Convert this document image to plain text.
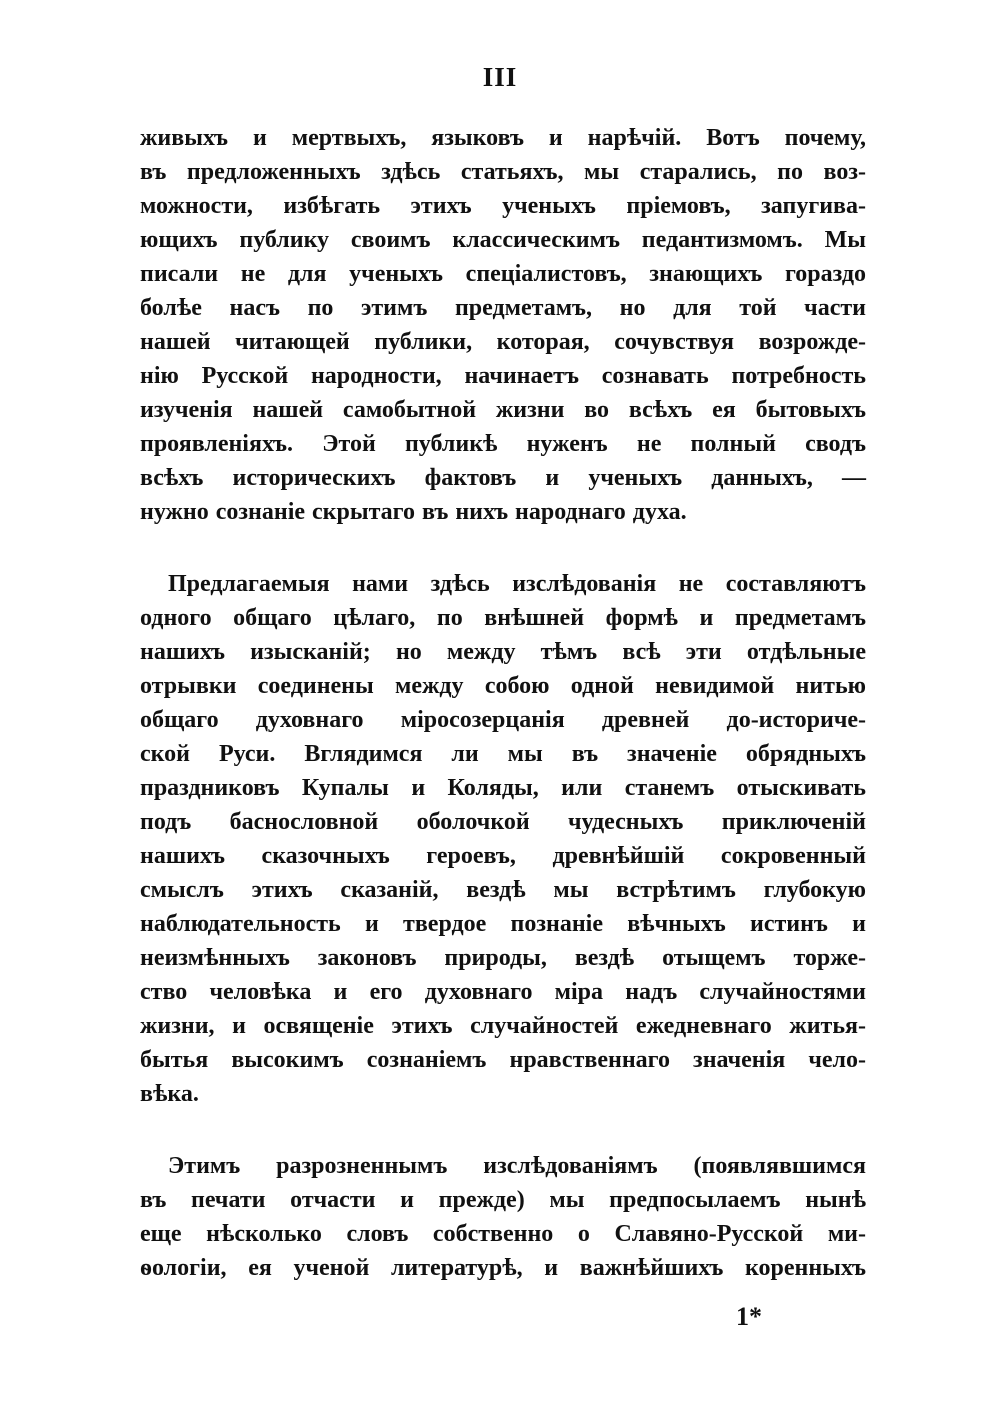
III
живыхъ и мертвыхъ, языковъ и нарѣчій. Вотъ почему,
въ предложенныхъ здѣсь статьяхъ, мы старались, по воз-
можности, избѣгать этихъ ученыхъ пріемовъ, запугива-
ющихъ публику своимъ классическимъ педантизмомъ. Мы
писали не для ученыхъ спеціалистовъ, знающихъ гораздо
болѣе насъ по этимъ предметамъ, но для той части
нашей читающей публики, которая, сочувствуя возрожде-
нію Русской народности, начинаетъ сознавать потребность
изученія нашей самобытной жизни во всѣхъ ея бытовыхъ
проявленіяхъ. Этой публикѣ нуженъ не полный сводъ
всѣхъ историческихъ фактовъ и ученыхъ данныхъ, —
нужно сознаніе скрытаго въ нихъ народнаго духа.
Предлагаемыя нами здѣсь изслѣдованія не составляютъ
одного общаго цѣлаго, по внѣшней формѣ и предметамъ
нашихъ изысканій; но между тѣмъ всѣ эти отдѣльные
отрывки соединены между собою одной невидимой нитью
общаго духовнаго міросозерцанія древней до-историче-
ской Руси. Вглядимся ли мы въ значеніе обрядныхъ
праздниковъ Купалы и Коляды, или станемъ отыскивать
подъ баснословной оболочкой чудесныхъ приключеній
нашихъ сказочныхъ героевъ, древнѣйшій сокровенный
смыслъ этихъ сказаній, вездѣ мы встрѣтимъ глубокую
наблюдательность и твердое познаніе вѣчныхъ истинъ и
неизмѣнныхъ законовъ природы, вездѣ отыщемъ торже-
ство человѣка и его духовнаго міра надъ случайностями
жизни, и освященіе этихъ случайностей ежедневнаго житья-
бытья высокимъ сознаніемъ нравственнаго значенія чело-
вѣка.
Этимъ разрозненнымъ изслѣдованіямъ (появлявшимся
въ печати отчасти и прежде) мы предпосылаемъ нынѣ
еще нѣсколько словъ собственно о Славяно-Русской ми-
ѳологіи, ея ученой литературѣ, и важнѣйшихъ коренныхъ
1*
